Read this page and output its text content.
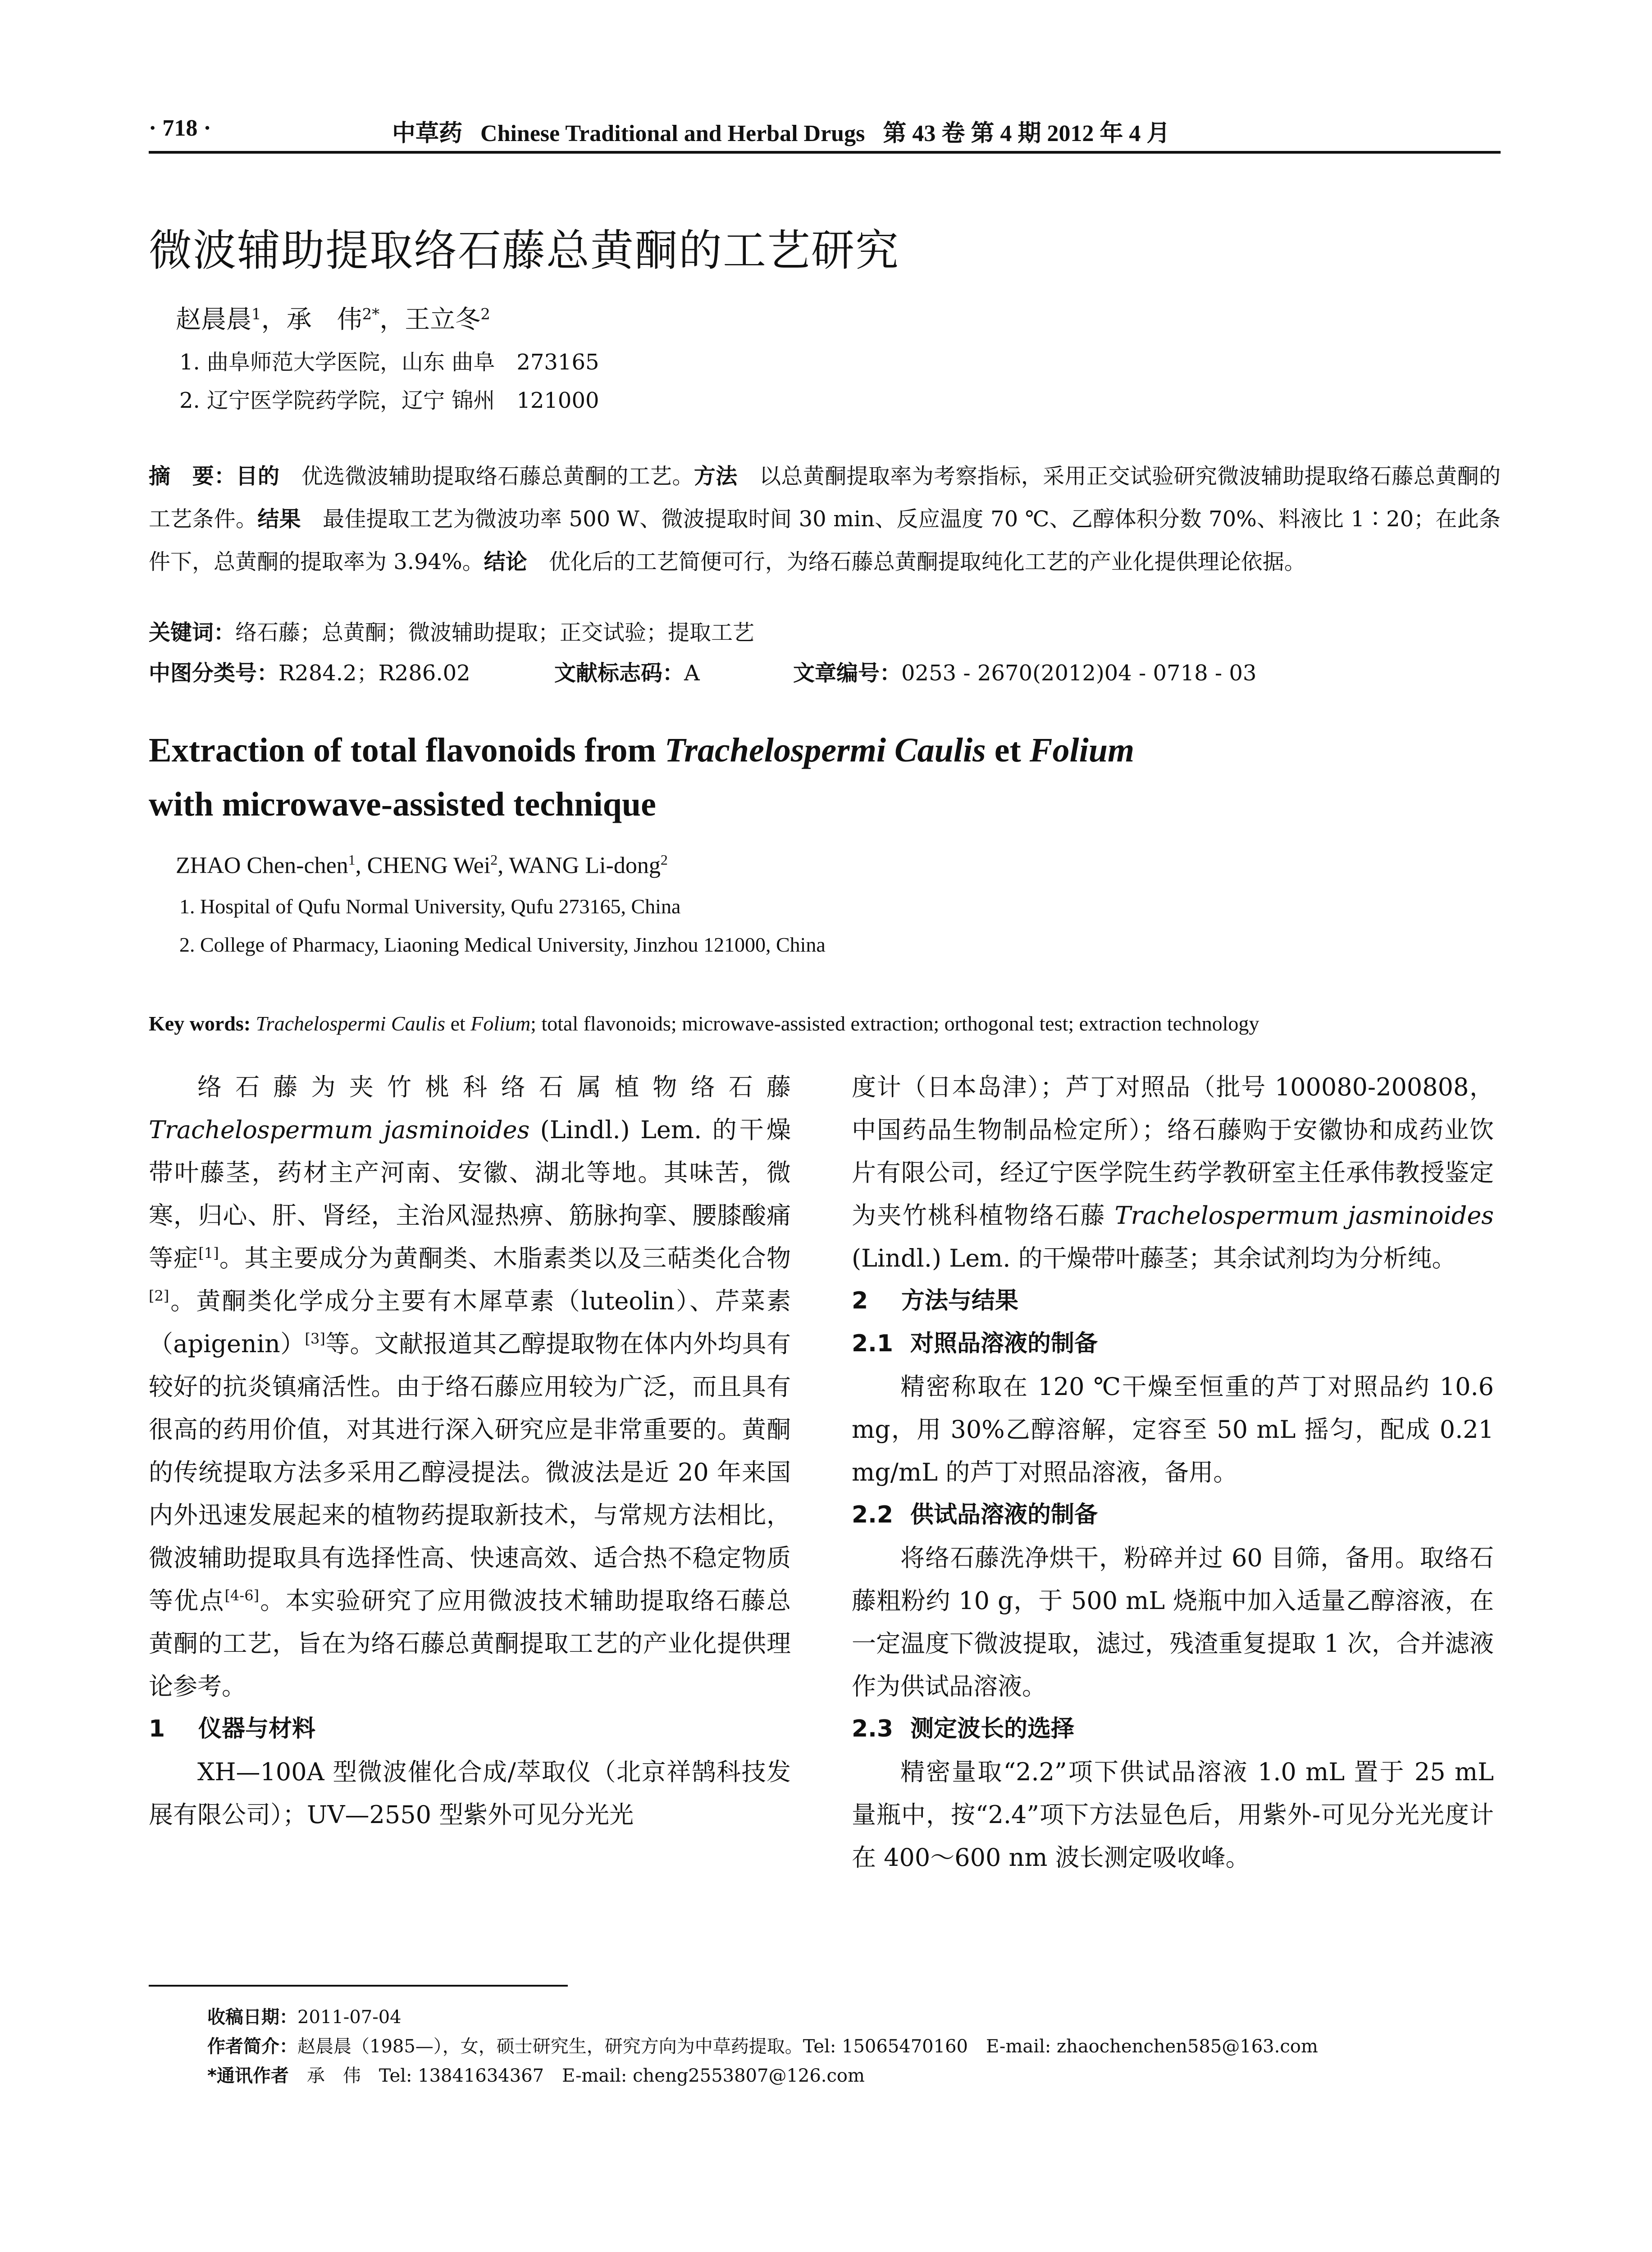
· 718 ·	中草药 Chinese Traditional and Herbal Drugs 第 43 卷 第 4 期 2012 年 4 月
微波辅助提取络石藤总黄酮的工艺研究
赵晨晨$^1$，承　伟$^{2*}$，王立冬$^2$
1. 曲阜师范大学医院，山东 曲阜　273165
2. 辽宁医学院药学院，辽宁 锦州　121000
摘　要：目的　 优选微波辅助提取络石藤总黄酮的工艺。方法　 以总黄酮提取率为考察指标，采用正交试验研究微波辅助提取络石藤总黄酮的工艺条件。结果　 最佳提取工艺为微波功率 500 W、微波提取时间 30 min、反应温度 70 ℃、乙醇体积分数 70%、料液比 1∶20；在此条件下，总黄酮的提取率为 3.94%。结论　 优化后的工艺简便可行，为络石藤总黄酮提取纯化工艺的产业化提供理论依据。
关键词：络石藤；总黄酮；微波辅助提取；正交试验；提取工艺
中图分类号：R284.2；R286.02	文献标志码：A	文章编号：0253 - 2670(2012)04 - 0718 - 03
Extraction of total flavonoids from Trachelospermi Caulis et Folium
with microwave-assisted technique
ZHAO Chen-chen$^1$, CHENG Wei$^2$, WANG Li-dong$^2$
1. Hospital of Qufu Normal University, Qufu 273165, China
2. College of Pharmacy, Liaoning Medical University, Jinzhou 121000, China
Key words: Trachelospermi Caulis et Folium; total flavonoids; microwave-assisted extraction; orthogonal test; extraction technology

络石藤为夹竹桃科络石属植物络石藤 Trachelospermum jasminoides (Lindl.) Lem. 的干燥带叶藤茎，药材主产河南、安徽、湖北等地。其味苦，微寒，归心、肝、肾经，主治风湿热痹、筋脉拘挛、腰膝酸痛等症[1]。其主要成分为黄酮类、木脂素类以及三萜类化合物[2]。黄酮类化学成分主要有木犀草素（luteolin）、芹菜素（apigenin）[3]等。文献报道其乙醇提取物在体内外均具有较好的抗炎镇痛活性。由于络石藤应用较为广泛，而且具有很高的药用价值，对其进行深入研究应是非常重要的。黄酮的传统提取方法多采用乙醇浸提法。微波法是近 20 年来国内外迅速发展起来的植物药提取新技术，与常规方法相比，微波辅助提取具有选择性高、快速高效、适合热不稳定物质等优点[4-6]。本实验研究了应用微波技术辅助提取络石藤总黄酮的工艺，旨在为络石藤总黄酮提取工艺的产业化提供理论参考。

1 仪器与材料

XH—100A 型微波催化合成/萃取仪（北京祥鹄科技发展有限公司）；UV—2550 型紫外可见分光光

度计（日本岛津）；芦丁对照品（批号 100080-200808，中国药品生物制品检定所）；络石藤购于安徽协和成药业饮片有限公司，经辽宁医学院生药学教研室主任承伟教授鉴定为夹竹桃科植物络石藤 Trachelospermum jasminoides (Lindl.) Lem. 的干燥带叶藤茎；其余试剂均为分析纯。

2 方法与结果
2.1 对照品溶液的制备

精密称取在 120 ℃干燥至恒重的芦丁对照品约 10.6 mg，用 30%乙醇溶解，定容至 50 mL 摇匀，配成 0.21 mg/mL 的芦丁对照品溶液，备用。

2.2 供试品溶液的制备

将络石藤洗净烘干，粉碎并过 60 目筛，备用。取络石藤粗粉约 10 g，于 500 mL 烧瓶中加入适量乙醇溶液，在一定温度下微波提取，滤过，残渣重复提取 1 次，合并滤液作为供试品溶液。

2.3 测定波长的选择

精密量取“2.2”项下供试品溶液 1.0 mL 置于 25 mL 量瓶中，按“2.4”项下方法显色后，用紫外-可见分光光度计在 400～600 nm 波长测定吸收峰。

收稿日期：2011-07-04
作者简介：赵晨晨（1985—），女，硕士研究生，研究方向为中草药提取。Tel: 15065470160　E-mail: zhaochenchen585@163.com
*通讯作者　 承　伟　Tel: 13841634367　E-mail: cheng2553807@126.com
